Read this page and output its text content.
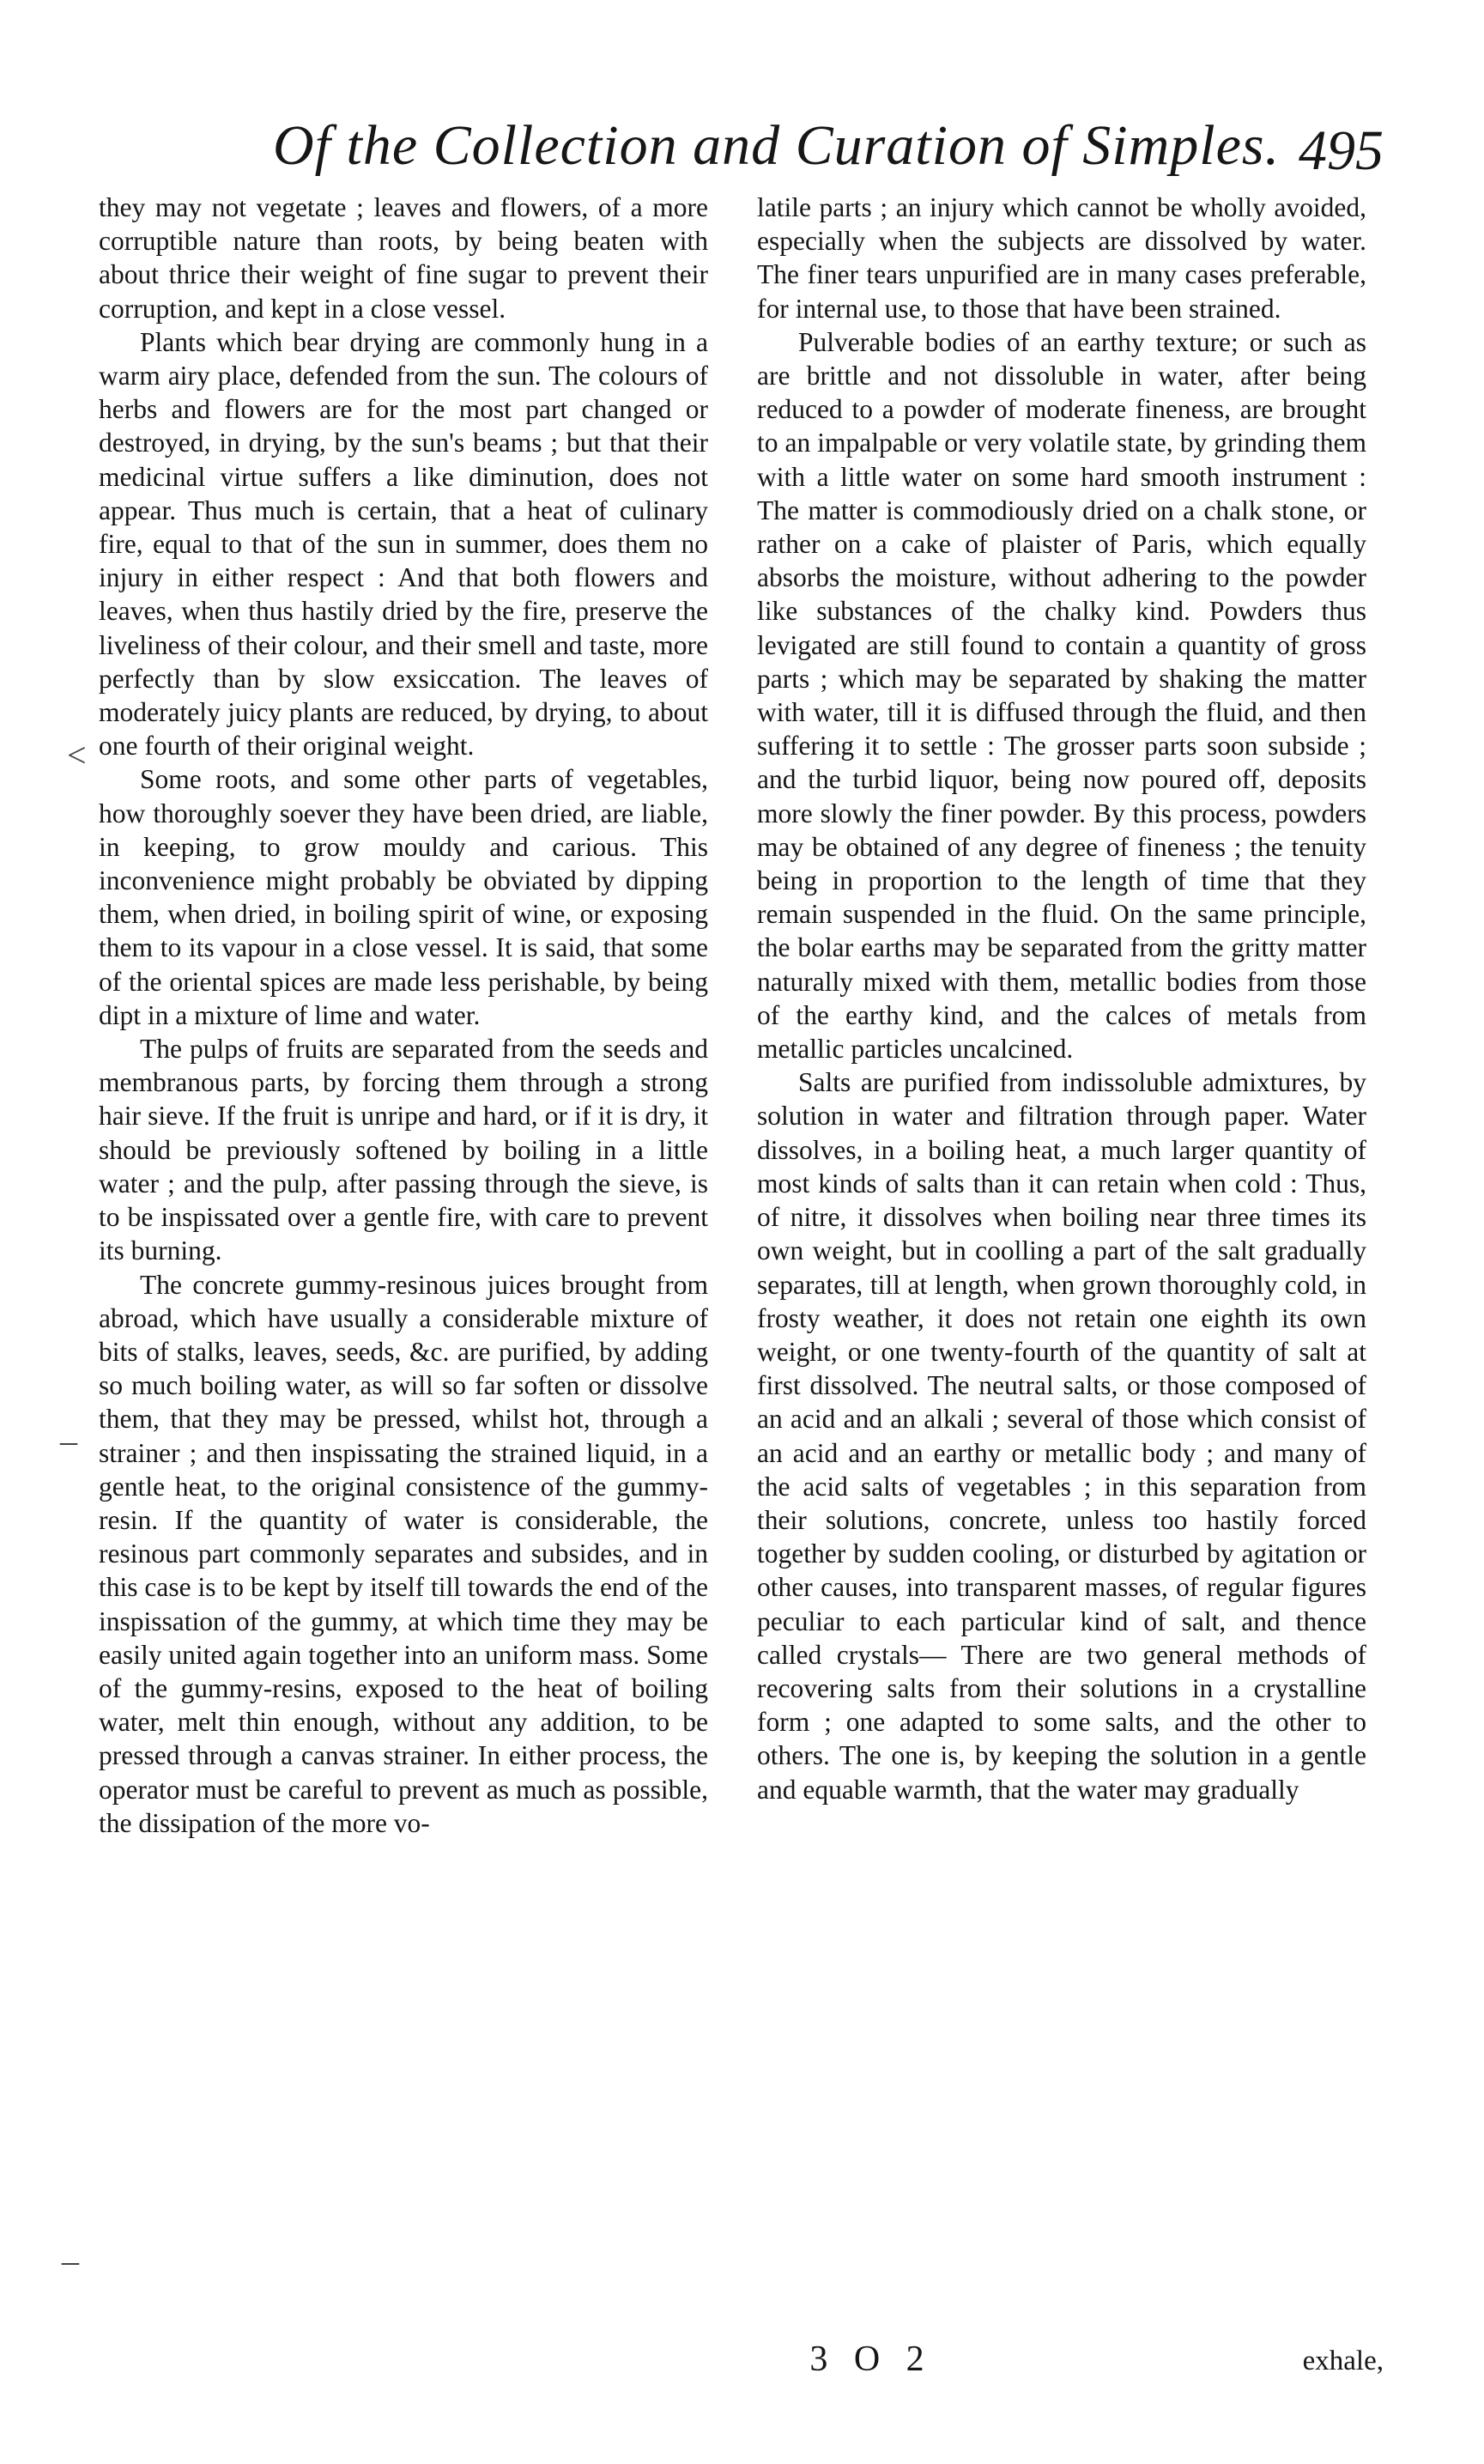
Of the Collection and Curation of Simples. 495

they may not vegetate ; leaves and flowers, of a more corruptible nature than roots, by being beaten with about thrice their weight of fine sugar to prevent their corruption, and kept in a close vessel.

Plants which bear drying are commonly hung in a warm airy place, defended from the sun. The colours of herbs and flowers are for the most part changed or destroyed, in drying, by the sun's beams ; but that their medicinal virtue suffers a like diminution, does not appear. Thus much is certain, that a heat of culinary fire, equal to that of the sun in summer, does them no injury in either respect : And that both flowers and leaves, when thus hastily dried by the fire, preserve the liveliness of their colour, and their smell and taste, more perfectly than by slow exsiccation. The leaves of moderately juicy plants are reduced, by drying, to about one fourth of their original weight.

Some roots, and some other parts of vegetables, how thoroughly soever they have been dried, are liable, in keeping, to grow mouldy and carious. This inconvenience might probably be obviated by dipping them, when dried, in boiling spirit of wine, or exposing them to its vapour in a close vessel. It is said, that some of the oriental spices are made less perishable, by being dipt in a mixture of lime and water.

The pulps of fruits are separated from the seeds and membranous parts, by forcing them through a strong hair sieve. If the fruit is unripe and hard, or if it is dry, it should be previously softened by boiling in a little water ; and the pulp, after passing through the sieve, is to be inspissated over a gentle fire, with care to prevent its burning.

The concrete gummy-resinous juices brought from abroad, which have usually a considerable mixture of bits of stalks, leaves, seeds, &c. are purified, by adding so much boiling water, as will so far soften or dissolve them, that they may be pressed, whilst hot, through a strainer ; and then inspissating the strained liquid, in a gentle heat, to the original consistence of the gummy-resin. If the quantity of water is considerable, the resinous part commonly separates and subsides, and in this case is to be kept by itself till towards the end of the inspissation of the gummy, at which time they may be easily united again together into an uniform mass. Some of the gummy-resins, exposed to the heat of boiling water, melt thin enough, without any addition, to be pressed through a canvas strainer. In either process, the operator must be careful to prevent as much as possible, the dissipation of the more vo-

latile parts ; an injury which cannot be wholly avoided, especially when the subjects are dissolved by water. The finer tears unpurified are in many cases preferable, for internal use, to those that have been strained.

Pulverable bodies of an earthy texture; or such as are brittle and not dissoluble in water, after being reduced to a powder of moderate fineness, are brought to an impalpable or very volatile state, by grinding them with a little water on some hard smooth instrument : The matter is commodiously dried on a chalk stone, or rather on a cake of plaister of Paris, which equally absorbs the moisture, without adhering to the powder like substances of the chalky kind. Powders thus levigated are still found to contain a quantity of gross parts ; which may be separated by shaking the matter with water, till it is diffused through the fluid, and then suffering it to settle : The grosser parts soon subside ; and the turbid liquor, being now poured off, deposits more slowly the finer powder. By this process, powders may be obtained of any degree of fineness ; the tenuity being in proportion to the length of time that they remain suspended in the fluid. On the same principle, the bolar earths may be separated from the gritty matter naturally mixed with them, metallic bodies from those of the earthy kind, and the calces of metals from metallic particles uncalcined.

Salts are purified from indissoluble admixtures, by solution in water and filtration through paper. Water dissolves, in a boiling heat, a much larger quantity of most kinds of salts than it can retain when cold : Thus, of nitre, it dissolves when boiling near three times its own weight, but in coolling a part of the salt gradually separates, till at length, when grown thoroughly cold, in frosty weather, it does not retain one eighth its own weight, or one twenty-fourth of the quantity of salt at first dissolved. The neutral salts, or those composed of an acid and an alkali ; several of those which consist of an acid and an earthy or metallic body ; and many of the acid salts of vegetables ; in this separation from their solutions, concrete, unless too hastily forced together by sudden cooling, or disturbed by agitation or other causes, into transparent masses, of regular figures peculiar to each particular kind of salt, and thence called crystals— There are two general methods of recovering salts from their solutions in a crystalline form ; one adapted to some salts, and the other to others. The one is, by keeping the solution in a gentle and equable warmth, that the water may gradually

<
_
_
3 O 2	exhale,
